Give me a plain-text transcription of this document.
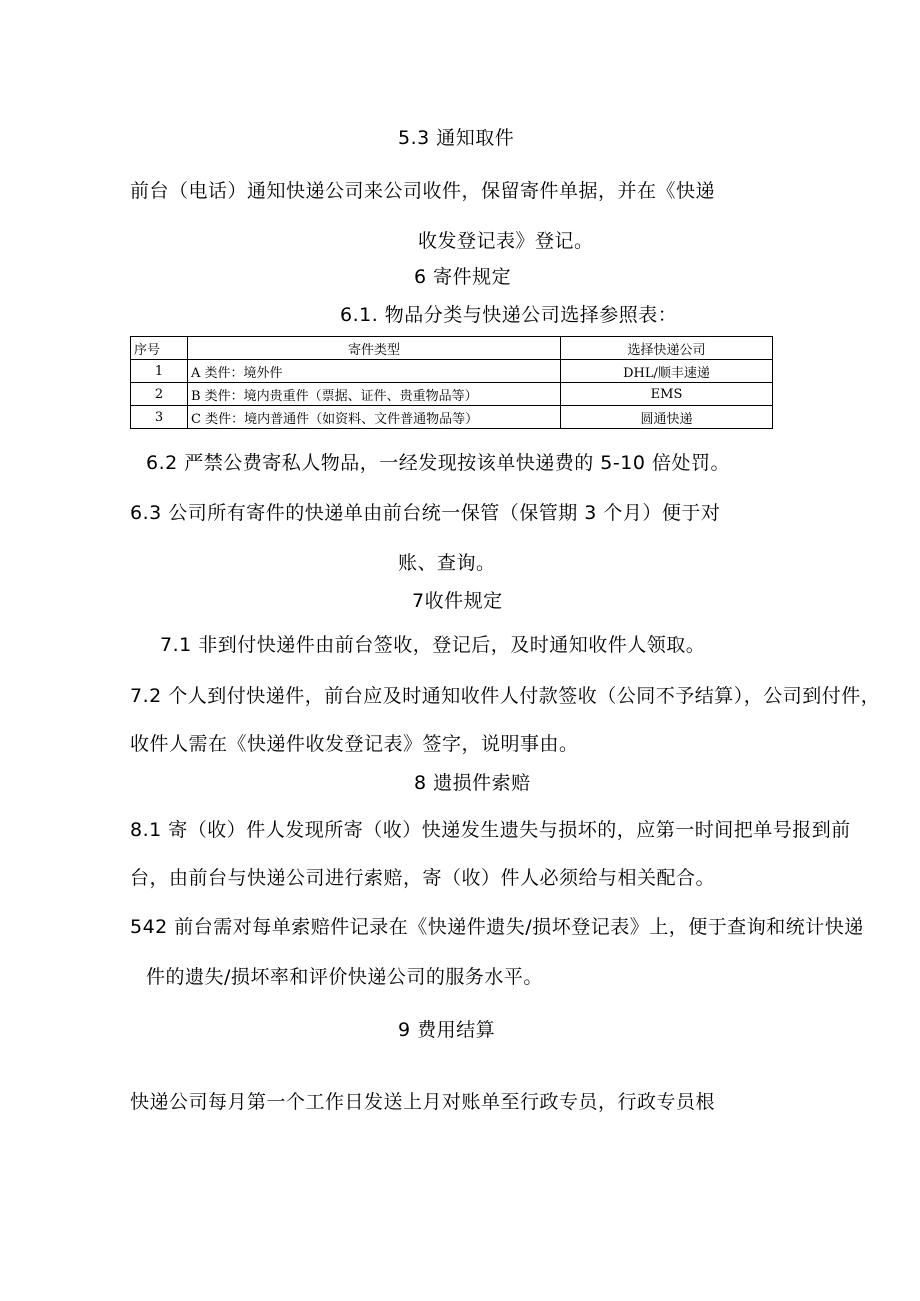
5.3 通知取件
前台（电话）通知快递公司来公司收件，保留寄件单据，并在《快递
收发登记表》登记。
6 寄件规定
6.1. 物品分类与快递公司选择参照表：
序号	寄件类型	选择快递公司
1	A 类件：境外件	DHL/顺丰速递
2	B 类件：境内贵重件（票据、证件、贵重物品等）	EMS
3	C 类件：境内普通件（如资料、文件普通物品等）	圆通快递
6.2 严禁公费寄私人物品，一经发现按该单快递费的 5-10 倍处罚。
6.3 公司所有寄件的快递单由前台统一保管（保管期 3 个月）便于对
账、查询。
7收件规定
7.1 非到付快递件由前台签收，登记后，及时通知收件人领取。
7.2 个人到付快递件，前台应及时通知收件人付款签收（公同不予结算），公司到付件，
收件人需在《快递件收发登记表》签字，说明事由。
8 遗损件索赔
8.1 寄（收）件人发现所寄（收）快递发生遗失与损坏的，应第一时间把单号报到前
台，由前台与快递公司进行索赔，寄（收）件人必须给与相关配合。
542 前台需对每单索赔件记录在《快递件遗失/损坏登记表》上，便于查询和统计快递
件的遗失/损坏率和评价快递公司的服务水平。
9 费用结算
快递公司每月第一个工作日发送上月对账单至行政专员，行政专员根
